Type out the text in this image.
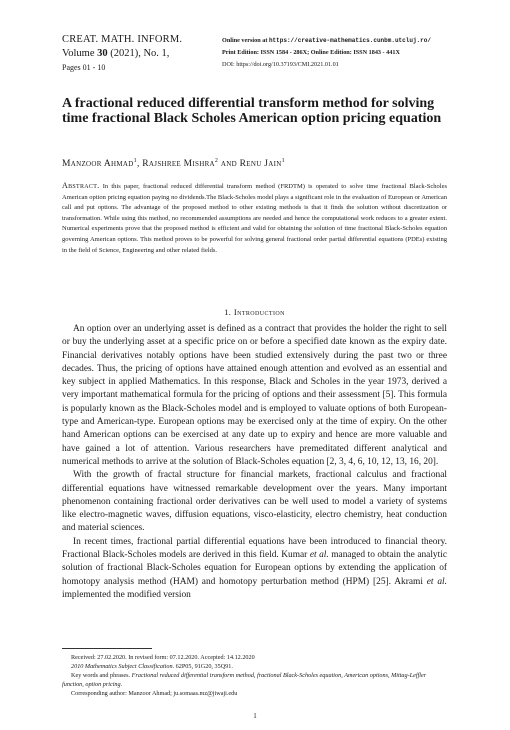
CREAT. MATH. INFORM.
Volume 30 (2021), No. 1,
Pages 01 - 10
Online version at https://creative-mathematics.cunbm.utcluj.ro/
Print Edition: ISSN 1584 - 286X; Online Edition: ISSN 1843 - 441X
DOI: https://doi.org/10.37193/CMI.2021.01.01
A fractional reduced differential transform method for solving time fractional Black Scholes American option pricing equation
Manzoor Ahmad$^1$, Rajshree Mishra$^2$ and Renu Jain$^1$

Abstract. In this paper, fractional reduced differential transform method (FRDTM) is operated to solve time fractional Black-Scholes American option pricing equation paying no dividends.The Black-Scholes model plays a significant role in the evaluation of European or American call and put options. The advantage of the proposed method to other existing methods is that it finds the solution without discretization or transformation. While using this method, no recommended assumptions are needed and hence the computational work reduces to a greater extent. Numerical experiments prove that the proposed method is efficient and valid for obtaining the solution of time fractional Black-Scholes equation governing American options. This method proves to be powerful for solving general fractional order partial differential equations (PDEs) existing in the field of Science, Engineering and other related fields.

1. Introduction

An option over an underlying asset is defined as a contract that provides the holder the right to sell or buy the underlying asset at a specific price on or before a specified date known as the expiry date. Financial derivatives notably options have been studied extensively during the past two or three decades. Thus, the pricing of options have attained enough attention and evolved as an essential and key subject in applied Mathematics. In this response, Black and Scholes in the year 1973, derived a very important mathematical formula for the pricing of options and their assessment [5]. This formula is popularly known as the Black-Scholes model and is employed to valuate options of both European-type and American-type. European options may be exercised only at the time of expiry. On the other hand American options can be exercised at any date up to expiry and hence are more valuable and have gained a lot of attention. Various researchers have premeditated different analytical and numerical methods to arrive at the solution of Black-Scholes equation [2, 3, 4, 6, 10, 12, 13, 16, 20].

With the growth of fractal structure for financial markets, fractional calculus and fractional differential equations have witnessed remarkable development over the years. Many important phenomenon containing fractional order derivatives can be well used to model a variety of systems like electro-magnetic waves, diffusion equations, visco-elasticity, electro chemistry, heat conduction and material sciences.

In recent times, fractional partial differential equations have been introduced to financial theory. Fractional Black-Scholes models are derived in this field. Kumar et al. managed to obtain the analytic solution of fractional Black-Scholes equation for European options by extending the application of homotopy analysis method (HAM) and homotopy perturbation method (HPM) [25]. Akrami et al. implemented the modified version

Received: 27.02.2020. In revised form: 07.12.2020. Accepted: 14.12.2020
2010 Mathematics Subject Classification. 62P05, 91G20, 35Q91.
Key words and phrases. Fractional reduced differential transform method, fractional Black-Scholes equation, American options, Mittag-Leffler function, option pricing.
Corresponding author: Manzoor Ahmad; ju.somaas.mz@jiwaji.edu
1
